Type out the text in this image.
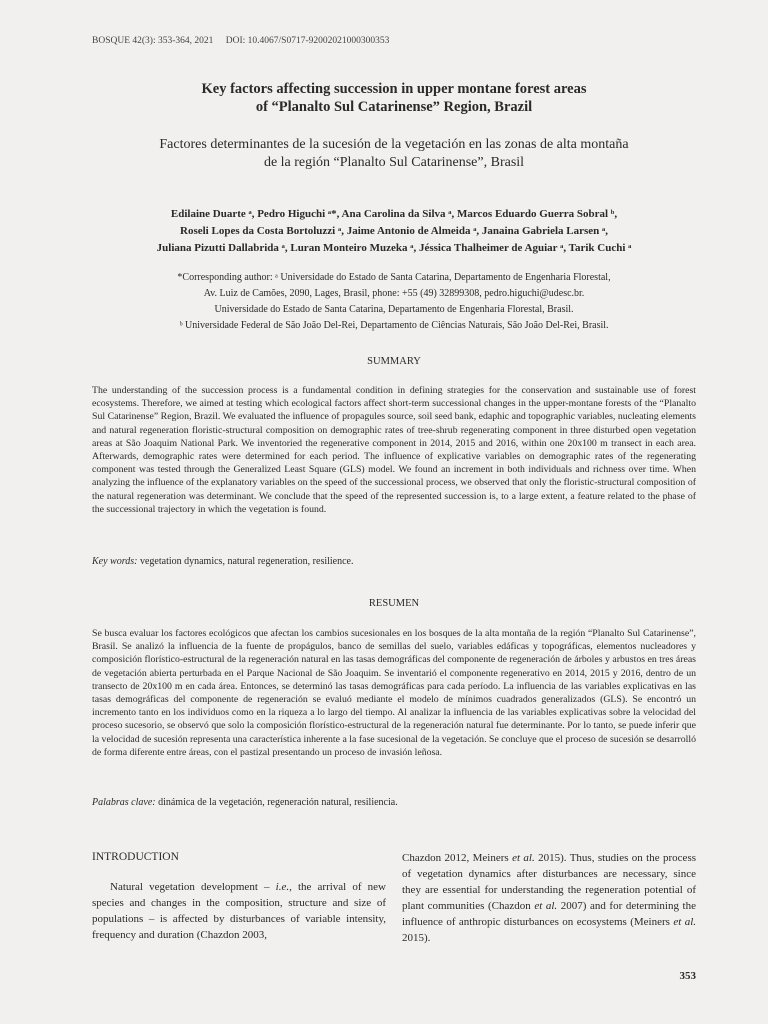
BOSQUE 42(3): 353-364, 2021 DOI: 10.4067/S0717-92002021000300353
Key factors affecting succession in upper montane forest areas
of “Planalto Sul Catarinense” Region, Brazil
Factores determinantes de la sucesión de la vegetación en las zonas de alta montaña
de la región “Planalto Sul Catarinense”, Brasil
Edilaine Duarte ᵃ, Pedro Higuchi ᵃ*, Ana Carolina da Silva ᵃ, Marcos Eduardo Guerra Sobral ᵇ,
Roseli Lopes da Costa Bortoluzzi ᵃ, Jaime Antonio de Almeida ᵃ, Janaina Gabriela Larsen ᵃ,
Juliana Pizutti Dallabrida ᵃ, Luran Monteiro Muzeka ᵃ, Jéssica Thalheimer de Aguiar ᵃ, Tarik Cuchi ᵃ
*Corresponding author: ᵃ Universidade do Estado de Santa Catarina, Departamento de Engenharia Florestal,
Av. Luiz de Camões, 2090, Lages, Brasil, phone: +55 (49) 32899308, pedro.higuchi@udesc.br.
Universidade do Estado de Santa Catarina, Departamento de Engenharia Florestal, Brasil.
ᵇ Universidade Federal de São João Del-Rei, Departamento de Ciências Naturais, São João Del-Rei, Brasil.
SUMMARY
The understanding of the succession process is a fundamental condition in defining strategies for the conservation and sustainable use of forest ecosystems. Therefore, we aimed at testing which ecological factors affect short-term successional changes in the upper-montane forests of the “Planalto Sul Catarinense” Region, Brazil. We evaluated the influence of propagules source, soil seed bank, edaphic and topographic variables, nucleating elements and natural regeneration floristic-structural composition on demographic rates of tree-shrub regenerating component in three disturbed open vegetation areas at São Joaquim National Park. We inventoried the regenerative component in 2014, 2015 and 2016, within one 20x100 m transect in each area. Afterwards, demographic rates were determined for each period. The influence of explicative variables on demographic rates of the regenerating component was tested through the Generalized Least Square (GLS) model. We found an increment in both individuals and richness over time. When analyzing the influence of the explanatory variables on the speed of the successional process, we observed that only the floristic-structural composition of the natural regeneration was determinant. We conclude that the speed of the represented succession is, to a large extent, a feature related to the phase of the successional trajectory in which the vegetation is found.
Key words: vegetation dynamics, natural regeneration, resilience.
RESUMEN
Se busca evaluar los factores ecológicos que afectan los cambios sucesionales en los bosques de la alta montaña de la región “Planalto Sul Catarinense”, Brasil. Se analizó la influencia de la fuente de propágulos, banco de semillas del suelo, variables edáficas y topográficas, elementos nucleadores y composición florístico-estructural de la regeneración natural en las tasas demográficas del componente de regeneración de árboles y arbustos en tres áreas de vegetación abierta perturbada en el Parque Nacional de São Joaquim. Se inventarió el componente regenerativo en 2014, 2015 y 2016, dentro de un transecto de 20x100 m en cada área. Entonces, se determinó las tasas demográficas para cada período. La influencia de las variables explicativas en las tasas demográficas del componente de regeneración se evaluó mediante el modelo de mínimos cuadrados generalizados (GLS). Se encontró un incremento tanto en los individuos como en la riqueza a lo largo del tiempo. Al analizar la influencia de las variables explicativas sobre la velocidad del proceso sucesorio, se observó que solo la composición florístico-estructural de la regeneración natural fue determinante. Por lo tanto, se puede inferir que la velocidad de sucesión representa una característica inherente a la fase sucesional de la vegetación. Se concluye que el proceso de sucesión se desarrolló de forma diferente entre áreas, con el pastizal presentando un proceso de invasión leñosa.
Palabras clave: dinámica de la vegetación, regeneración natural, resiliencia.
INTRODUCTION
Natural vegetation development – i.e., the arrival of new species and changes in the composition, structure and size of populations – is affected by disturbances of variable intensity, frequency and duration (Chazdon 2003,
Chazdon 2012, Meiners et al. 2015). Thus, studies on the process of vegetation dynamics after disturbances are necessary, since they are essential for understanding the regeneration potential of plant communities (Chazdon et al. 2007) and for determining the influence of anthropic disturbances on ecosystems (Meiners et al. 2015).
353
